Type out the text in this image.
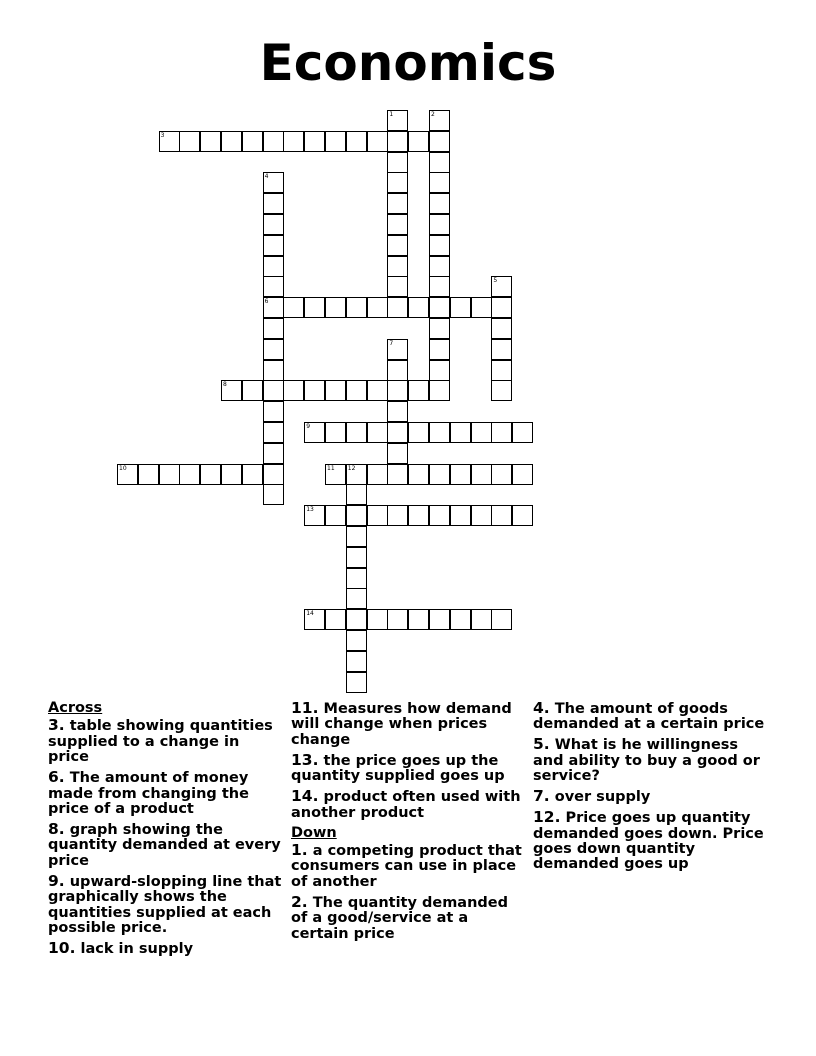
Economics
3
6
8
9
10	11 12
13
14
1	2
4
5
7
Across
3. table showing quantities supplied to a change in price
6. The amount of money made from changing the price of a product
8. graph showing the quantity demanded at every price
9. upward-slopping line that graphically shows the quantities supplied at each possible price.
10. lack in supply
11. Measures how demand will change when prices change
13. the price goes up the quantity supplied goes up
14. product often used with another product
Down
1. a competing product that consumers can use in place of another
2. The quantity demanded of a good/service at a certain price
4. The amount of goods demanded at a certain price
5. What is he willingness and ability to buy a good or service?
7. over supply
12. Price goes up quantity demanded goes down. Price goes down quantity demanded goes up
